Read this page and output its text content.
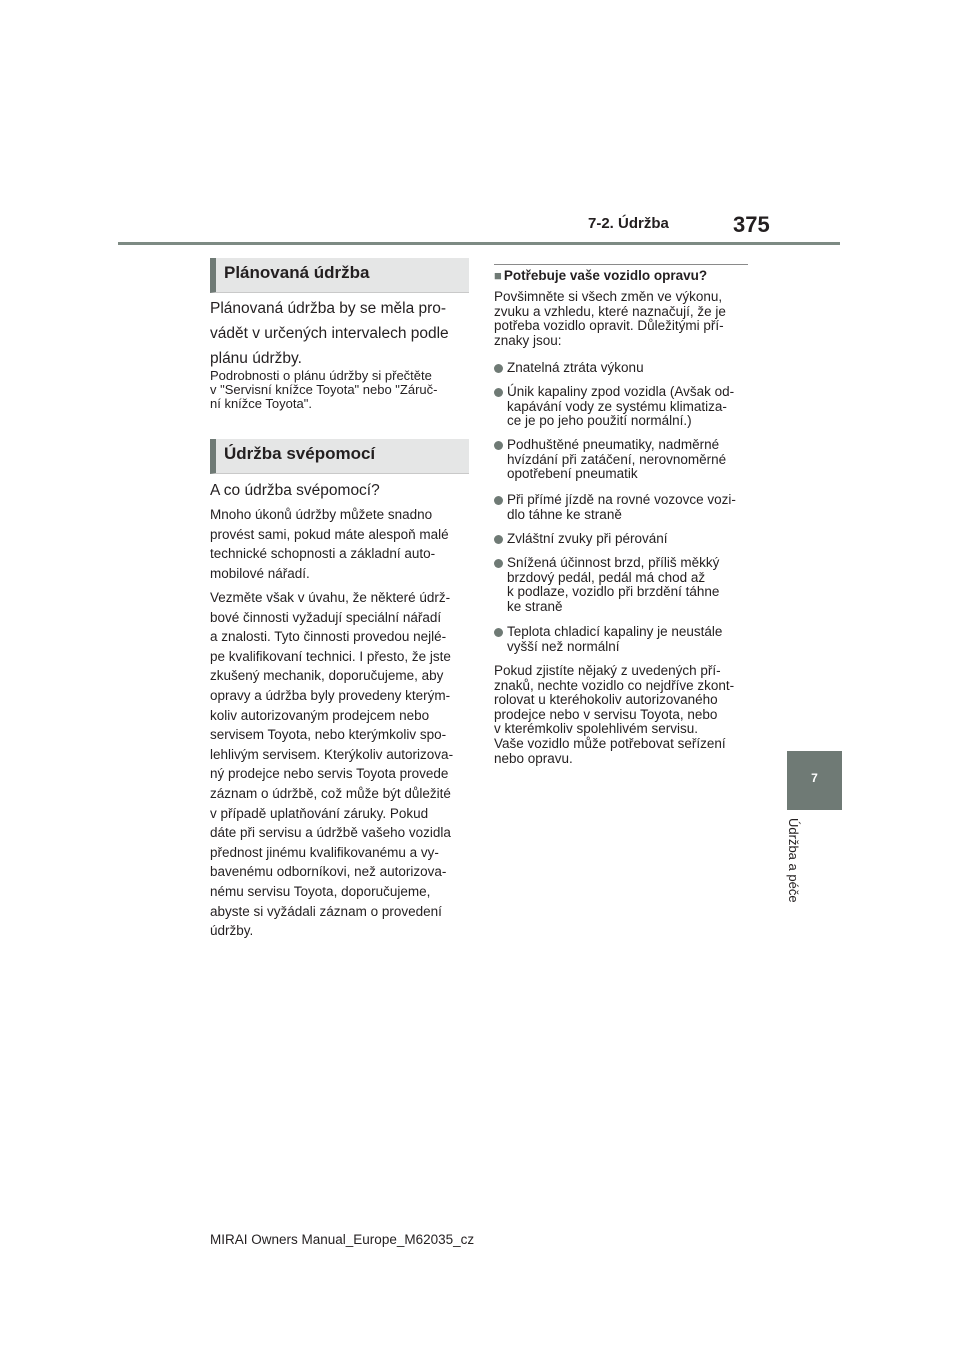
7-2. Údržba	375
Plánovaná údržba
Plánovaná údržba by se měla pro-
vádět v určených intervalech podle
plánu údržby.
Podrobnosti o plánu údržby si přečtěte
v "Servisní knížce Toyota" nebo "Záruč-
ní knížce Toyota".
Údržba svépomocí
A co údržba svépomocí?
Mnoho úkonů údržby můžete snadno
provést sami, pokud máte alespoň malé
technické schopnosti a základní auto-
mobilové nářadí.
Vezměte však v úvahu, že některé údrž-
bové činnosti vyžadují speciální nářadí
a znalosti. Tyto činnosti provedou nejlé-
pe kvalifikovaní technici. I přesto, že jste
zkušený mechanik, doporučujeme, aby
opravy a údržba byly provedeny kterým-
koliv autorizovaným prodejcem nebo
servisem Toyota, nebo kterýmkoliv spo-
lehlivým servisem. Kterýkoliv autorizova-
ný prodejce nebo servis Toyota provede
záznam o údržbě, což může být důležité
v případě uplatňování záruky. Pokud
dáte při servisu a údržbě vašeho vozidla
přednost jinému kvalifikovanému a vy-
bavenému odborníkovi, než autorizova-
nému servisu Toyota, doporučujeme,
abyste si vyžádali záznam o provedení
údržby.
■ Potřebuje vaše vozidlo opravu?
Povšimněte si všech změn ve výkonu,
zvuku a vzhledu, které naznačují, že je
potřeba vozidlo opravit. Důležitými pří-
znaky jsou:
Znatelná ztráta výkonu
Únik kapaliny zpod vozidla (Avšak od-
kapávání vody ze systému klimatiza-
ce je po jeho použití normální.)
Podhuštěné pneumatiky, nadměrné
hvízdání při zatáčení, nerovnoměrné
opotřebení pneumatik
Při přímé jízdě na rovné vozovce vozi-
dlo táhne ke straně
Zvláštní zvuky při pérování
Snížená účinnost brzd, příliš měkký
brzdový pedál, pedál má chod až
k podlaze, vozidlo při brzdění táhne
ke straně
Teplota chladicí kapaliny je neustále
vyšší než normální
Pokud zjistíte nějaký z uvedených pří-
znaků, nechte vozidlo co nejdříve zkont-
rolovat u kteréhokoliv autorizovaného
prodejce nebo v servisu Toyota, nebo
v kterémkoliv spolehlivém servisu.
Vaše vozidlo může potřebovat seřízení
nebo opravu.
7
Údržba a péče
MIRAI Owners Manual_Europe_M62035_cz
